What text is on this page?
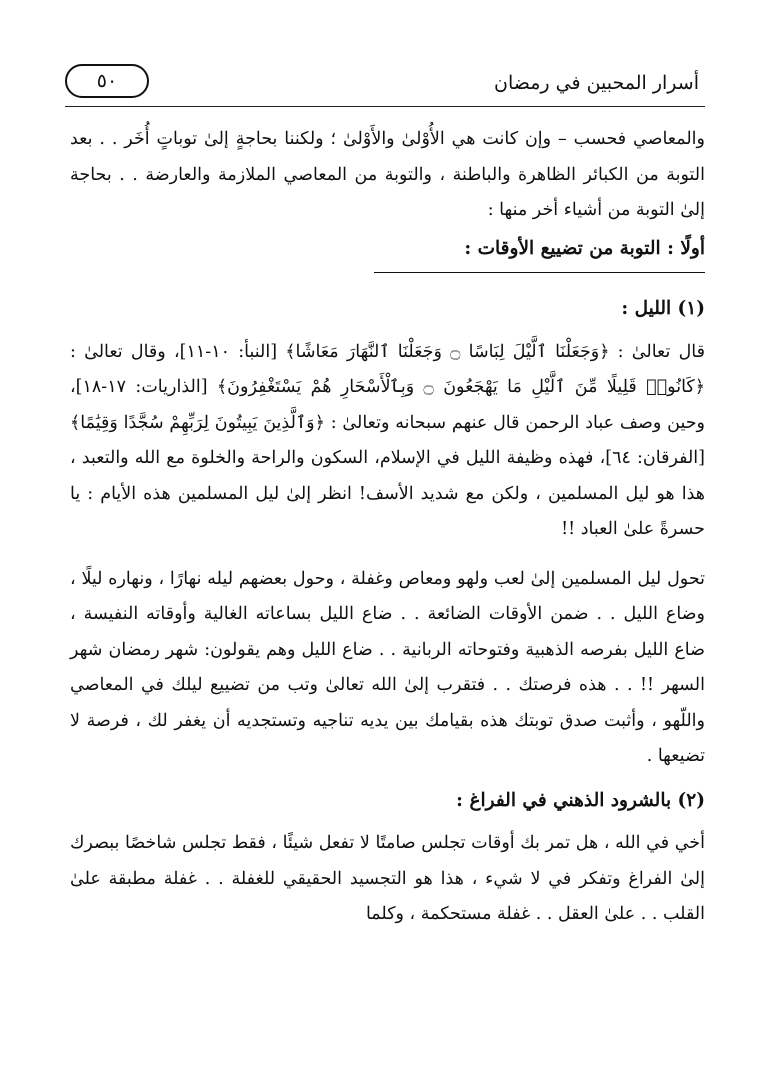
٥٠	أسرار المحبين في رمضان

والمعاصي فحسب – وإن كانت هي الأُوْلىٰ والأَوْلىٰ ؛ ولكننا بحاجةٍ إلىٰ توباتٍ أُخَر . . بعد التوبة من الكبائر الظاهرة والباطنة ، والتوبة من المعاصي الملازمة والعارضة . . بحاجة إلىٰ التوبة من أشياء أخر منها :

أولًا : التوبة من تضييع الأوقات :
(١) الليل :

قال تعالىٰ : ﴿وَجَعَلْنَا ٱلَّيْلَ لِبَاسًا ۝ وَجَعَلْنَا ٱلنَّهَارَ مَعَاشًا﴾ [النبأ: ١٠-١١]، وقال تعالىٰ : ﴿كَانُوا۟ قَلِيلًا مِّنَ ٱلَّيْلِ مَا يَهْجَعُونَ ۝ وَبِٱلْأَسْحَارِ هُمْ يَسْتَغْفِرُونَ﴾ [الذاريات: ١٧-١٨]، وحين وصف عباد الرحمن قال عنهم سبحانه وتعالىٰ : ﴿وَٱلَّذِينَ يَبِيتُونَ لِرَبِّهِمْ سُجَّدًا وَقِيَٰمًا﴾ [الفرقان: ٦٤]، فهذه وظيفة الليل في الإسلام، السكون والراحة والخلوة مع الله والتعبد ، هذا هو ليل المسلمين ، ولكن مع شديد الأسف! انظر إلىٰ ليل المسلمين هذه الأيام : يا حسرةً علىٰ العباد !!

تحول ليل المسلمين إلىٰ لعب ولهو ومعاص وغفلة ، وحول بعضهم ليله نهارًا ، ونهاره ليلًا ، وضاع الليل . . ضمن الأوقات الضائعة . . ضاع الليل بساعاته الغالية وأوقاته النفيسة ، ضاع الليل بفرصه الذهبية وفتوحاته الربانية . . ضاع الليل وهم يقولون: شهر رمضان شهر السهر !! . . هذه فرصتك . . فتقرب إلىٰ الله تعالىٰ وتب من تضييع ليلك في المعاصي واللّهو ، وأثبت صدق توبتك هذه بقيامك بين يديه تناجيه وتستجديه أن يغفر لك ، فرصة لا تضيعها .

(٢) بالشرود الذهني في الفراغ :

أخي في الله ، هل تمر بك أوقات تجلس صامتًا لا تفعل شيئًا ، فقط تجلس شاخصًا ببصرك إلىٰ الفراغ وتفكر في لا شيء ، هذا هو التجسيد الحقيقي للغفلة . . غفلة مطبقة علىٰ القلب . . علىٰ العقل . . غفلة مستحكمة ، وكلما
